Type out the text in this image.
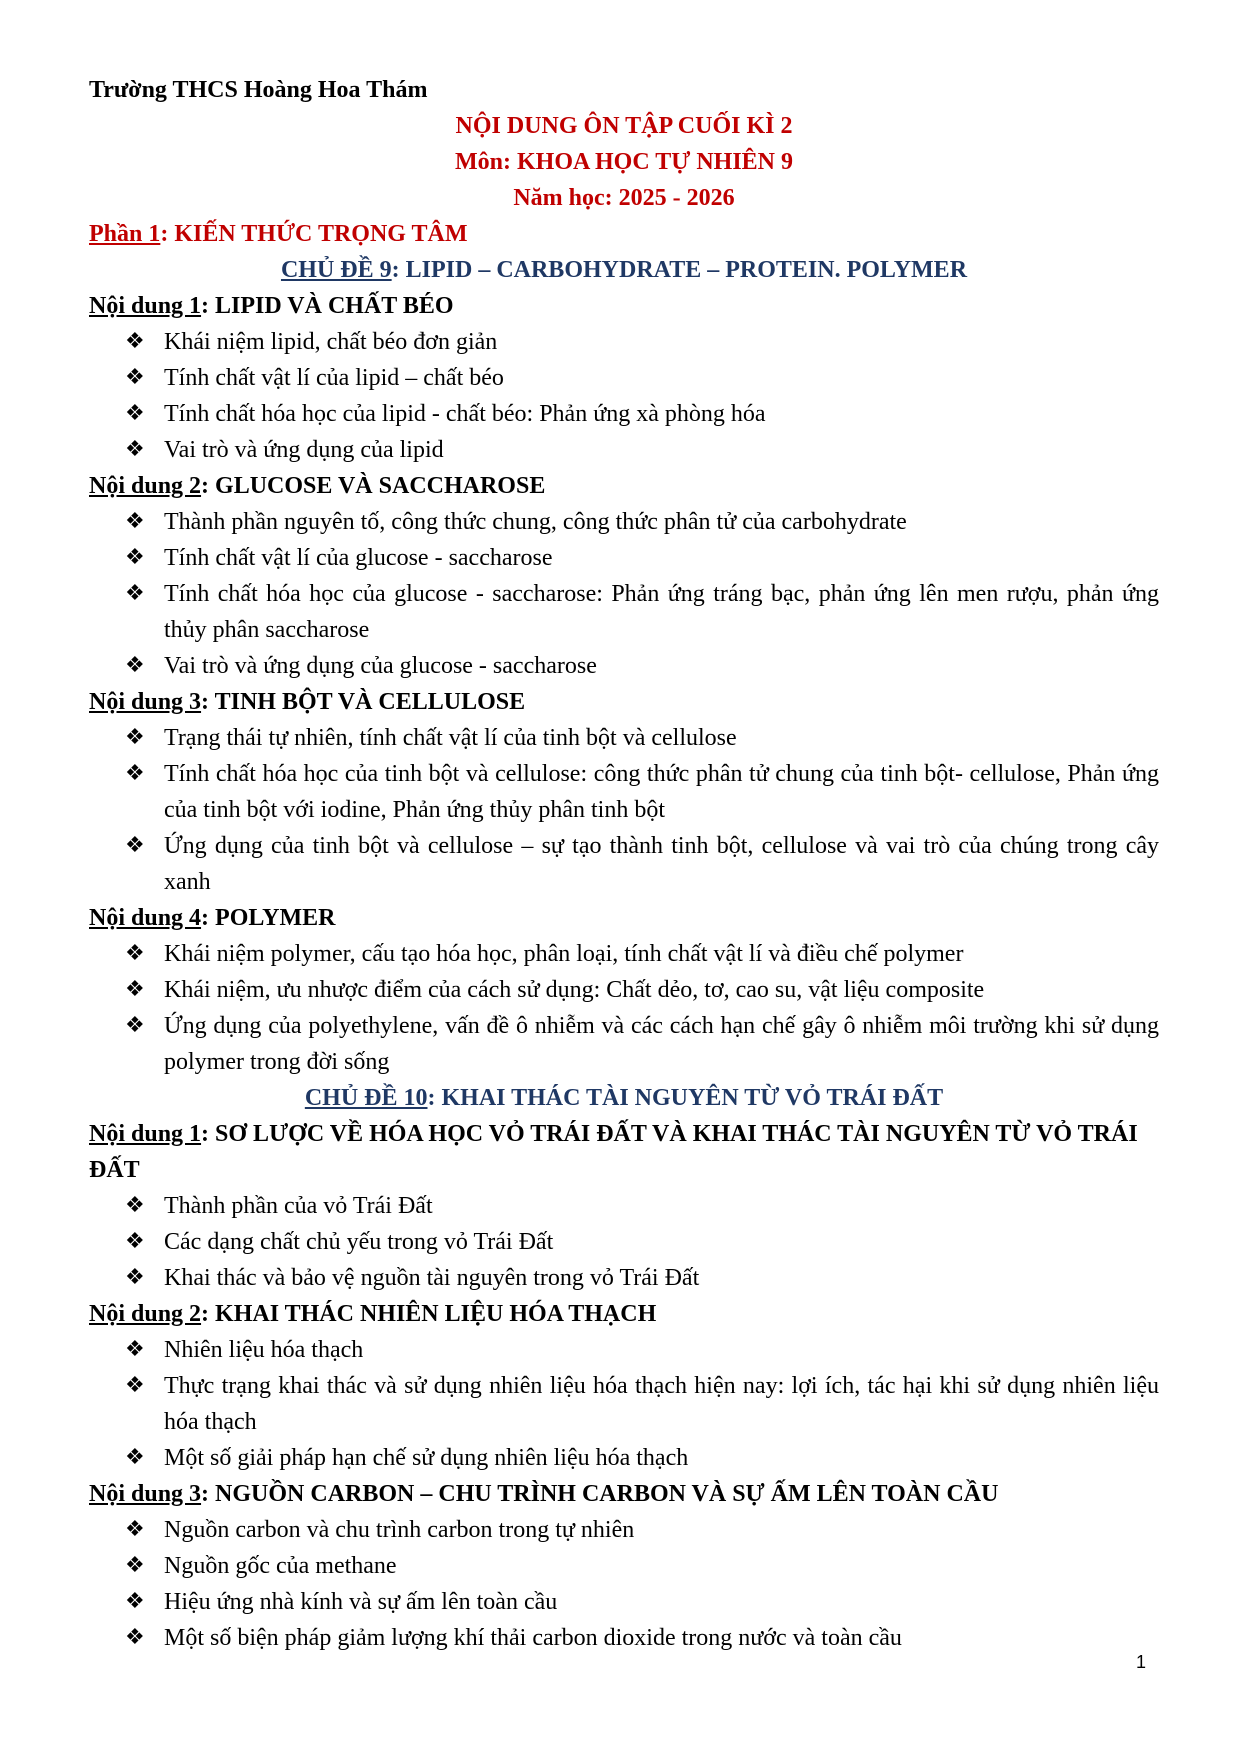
Trường THCS Hoàng Hoa Thám
NỘI DUNG ÔN TẬP CUỐI KÌ 2
Môn: KHOA HỌC TỰ NHIÊN 9
Năm học: 2025 - 2026
Phần 1: KIẾN THỨC TRỌNG TÂM
CHỦ ĐỀ 9: LIPID – CARBOHYDRATE – PROTEIN. POLYMER
Nội dung 1: LIPID VÀ CHẤT BÉO
❖ Khái niệm lipid, chất béo đơn giản
❖ Tính chất vật lí của lipid – chất béo
❖ Tính chất hóa học của lipid - chất béo: Phản ứng xà phòng hóa
❖ Vai trò và ứng dụng của lipid
Nội dung 2: GLUCOSE VÀ SACCHAROSE
❖ Thành phần nguyên tố, công thức chung, công thức phân tử của carbohydrate
❖ Tính chất vật lí của glucose - saccharose
❖ Tính chất hóa học của glucose - saccharose: Phản ứng tráng bạc, phản ứng lên men rượu, phản ứng thủy phân saccharose
❖ Vai trò và ứng dụng của glucose - saccharose
Nội dung 3: TINH BỘT VÀ CELLULOSE
❖ Trạng thái tự nhiên, tính chất vật lí của tinh bột và cellulose
❖ Tính chất hóa học của tinh bột và cellulose: công thức phân tử chung của tinh bột- cellulose, Phản ứng của tinh bột với iodine, Phản ứng thủy phân tinh bột
❖ Ứng dụng của tinh bột và cellulose – sự tạo thành tinh bột, cellulose và vai trò của chúng trong cây xanh
Nội dung 4: POLYMER
❖ Khái niệm polymer, cấu tạo hóa học, phân loại, tính chất vật lí và điều chế polymer
❖ Khái niệm, ưu nhược điểm của cách sử dụng: Chất dẻo, tơ, cao su, vật liệu composite
❖ Ứng dụng của polyethylene, vấn đề ô nhiễm và các cách hạn chế gây ô nhiễm môi trường khi sử dụng polymer trong đời sống
CHỦ ĐỀ 10: KHAI THÁC TÀI NGUYÊN TỪ VỎ TRÁI ĐẤT
Nội dung 1: SƠ LƯỢC VỀ HÓA HỌC VỎ TRÁI ĐẤT VÀ KHAI THÁC TÀI NGUYÊN TỪ VỎ TRÁI ĐẤT
❖ Thành phần của vỏ Trái Đất
❖ Các dạng chất chủ yếu trong vỏ Trái Đất
❖ Khai thác và bảo vệ nguồn tài nguyên trong vỏ Trái Đất
Nội dung 2: KHAI THÁC NHIÊN LIỆU HÓA THẠCH
❖ Nhiên liệu hóa thạch
❖ Thực trạng khai thác và sử dụng nhiên liệu hóa thạch hiện nay: lợi ích, tác hại khi sử dụng nhiên liệu hóa thạch
❖ Một số giải pháp hạn chế sử dụng nhiên liệu hóa thạch
Nội dung 3: NGUỒN CARBON – CHU TRÌNH CARBON VÀ SỰ ẤM LÊN TOÀN CẦU
❖ Nguồn carbon và chu trình carbon trong tự nhiên
❖ Nguồn gốc của methane
❖ Hiệu ứng nhà kính và sự ấm lên toàn cầu
❖ Một số biện pháp giảm lượng khí thải carbon dioxide trong nước và toàn cầu
1
